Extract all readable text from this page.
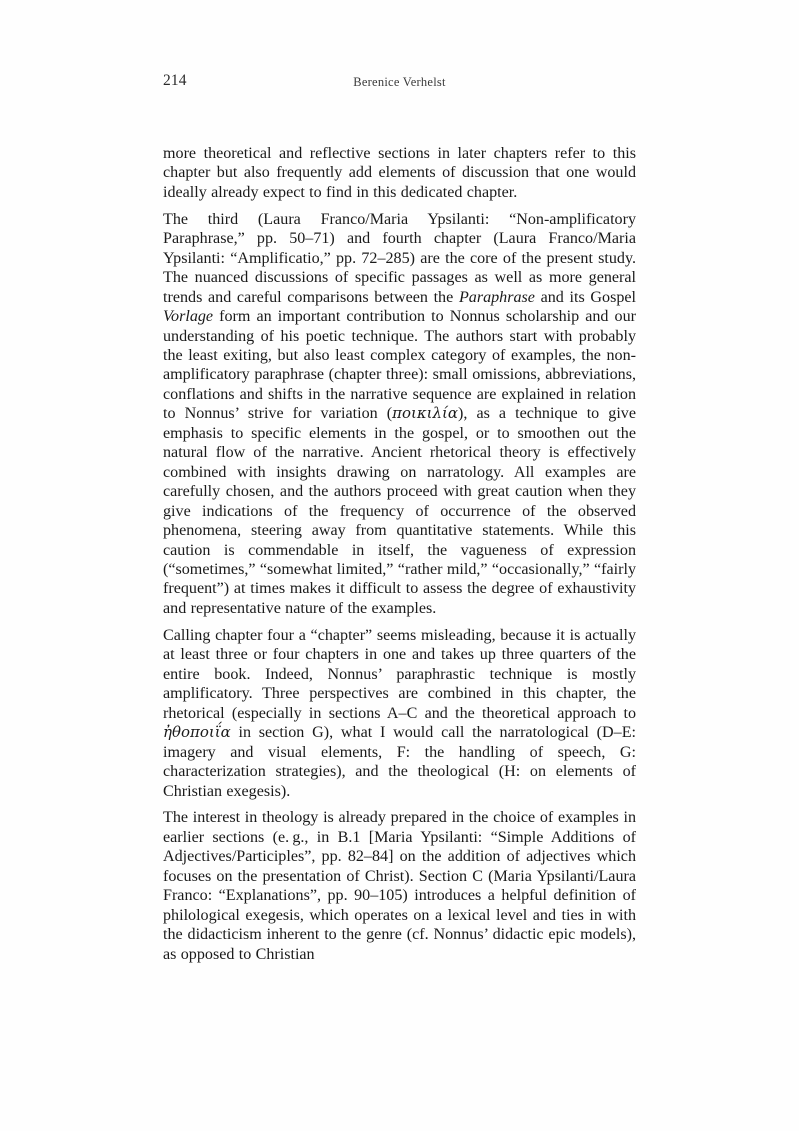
214	Berenice Verhelst

more theoretical and reflective sections in later chapters refer to this chapter but also frequently add elements of discussion that one would ideally already expect to find in this dedicated chapter.

The third (Laura Franco/Maria Ypsilanti: “Non-amplificatory Paraphrase,” pp. 50–71) and fourth chapter (Laura Franco/Maria Ypsilanti: “Amplificatio,” pp. 72–285) are the core of the present study. The nuanced discussions of specific passages as well as more general trends and careful comparisons between the Paraphrase and its Gospel Vorlage form an important contribution to Nonnus scholarship and our understanding of his poetic technique. The authors start with probably the least exiting, but also least complex category of examples, the non-amplificatory paraphrase (chapter three): small omissions, abbreviations, conflations and shifts in the narrative sequence are explained in relation to Nonnus’ strive for variation (ποικιλία), as a technique to give emphasis to specific elements in the gospel, or to smoothen out the natural flow of the narrative. Ancient rhetorical theory is effectively combined with insights drawing on narratology. All examples are carefully chosen, and the authors proceed with great caution when they give indications of the frequency of occurrence of the observed phenomena, steering away from quantitative statements. While this caution is commendable in itself, the vagueness of expression (“sometimes,” “somewhat limited,” “rather mild,” “occasionally,” “fairly frequent”) at times makes it difficult to assess the degree of exhaustivity and representative nature of the examples.

Calling chapter four a “chapter” seems misleading, because it is actually at least three or four chapters in one and takes up three quarters of the entire book. Indeed, Nonnus’ paraphrastic technique is mostly amplificatory. Three perspectives are combined in this chapter, the rhetorical (especially in sections A–C and the theoretical approach to ἠθοποιΐα in section G), what I would call the narratological (D–E: imagery and visual elements, F: the handling of speech, G: characterization strategies), and the theological (H: on elements of Christian exegesis).

The interest in theology is already prepared in the choice of examples in earlier sections (e. g., in B.1 [Maria Ypsilanti: “Simple Additions of Adjectives/Participles”, pp. 82–84] on the addition of adjectives which focuses on the presentation of Christ). Section C (Maria Ypsilanti/Laura Franco: “Explanations”, pp. 90–105) introduces a helpful definition of philological exegesis, which operates on a lexical level and ties in with the didacticism inherent to the genre (cf. Nonnus’ didactic epic models), as opposed to Christian
